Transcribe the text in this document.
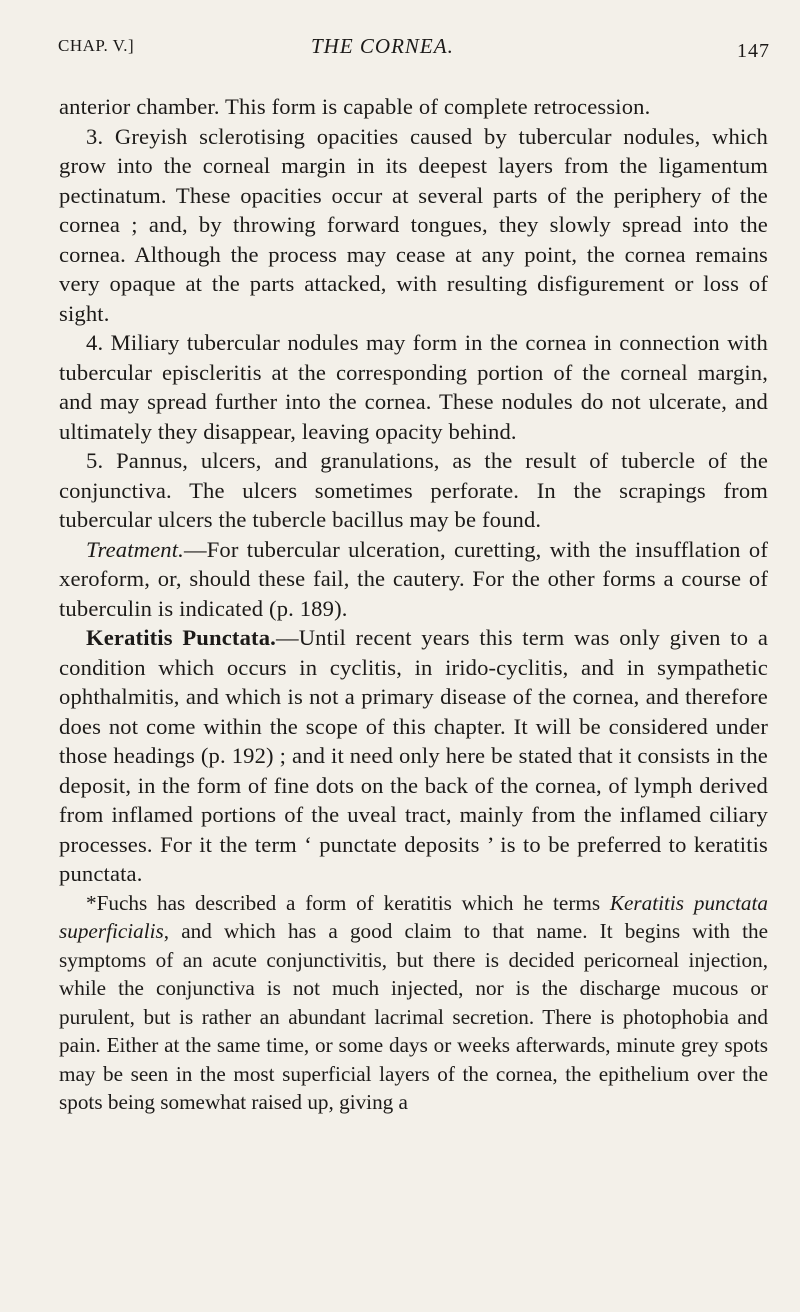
CHAP. V.]	THE CORNEA.	147

anterior chamber. This form is capable of complete retrocession.

3. Greyish sclerotising opacities caused by tubercular nodules, which grow into the corneal margin in its deepest layers from the ligamentum pectinatum. These opacities occur at several parts of the periphery of the cornea ; and, by throwing forward tongues, they slowly spread into the cornea. Although the process may cease at any point, the cornea remains very opaque at the parts attacked, with resulting disfigurement or loss of sight.

4. Miliary tubercular nodules may form in the cornea in connection with tubercular episcleritis at the corresponding portion of the corneal margin, and may spread further into the cornea. These nodules do not ulcerate, and ultimately they disappear, leaving opacity behind.

5. Pannus, ulcers, and granulations, as the result of tubercle of the conjunctiva. The ulcers sometimes perforate. In the scrapings from tubercular ulcers the tubercle bacillus may be found.

Treatment.—For tubercular ulceration, curetting, with the insufflation of xeroform, or, should these fail, the cautery. For the other forms a course of tuberculin is indicated (p. 189).

Keratitis Punctata.—Until recent years this term was only given to a condition which occurs in cyclitis, in irido-cyclitis, and in sympathetic ophthalmitis, and which is not a primary disease of the cornea, and therefore does not come within the scope of this chapter. It will be considered under those headings (p. 192) ; and it need only here be stated that it consists in the deposit, in the form of fine dots on the back of the cornea, of lymph derived from inflamed portions of the uveal tract, mainly from the inflamed ciliary processes. For it the term ‘ punctate deposits ’ is to be preferred to keratitis punctata.

*Fuchs has described a form of keratitis which he terms Keratitis punctata superficialis, and which has a good claim to that name. It begins with the symptoms of an acute conjunctivitis, but there is decided pericorneal injection, while the conjunctiva is not much injected, nor is the discharge mucous or purulent, but is rather an abundant lacrimal secretion. There is photophobia and pain. Either at the same time, or some days or weeks afterwards, minute grey spots may be seen in the most superficial layers of the cornea, the epithelium over the spots being somewhat raised up, giving a
